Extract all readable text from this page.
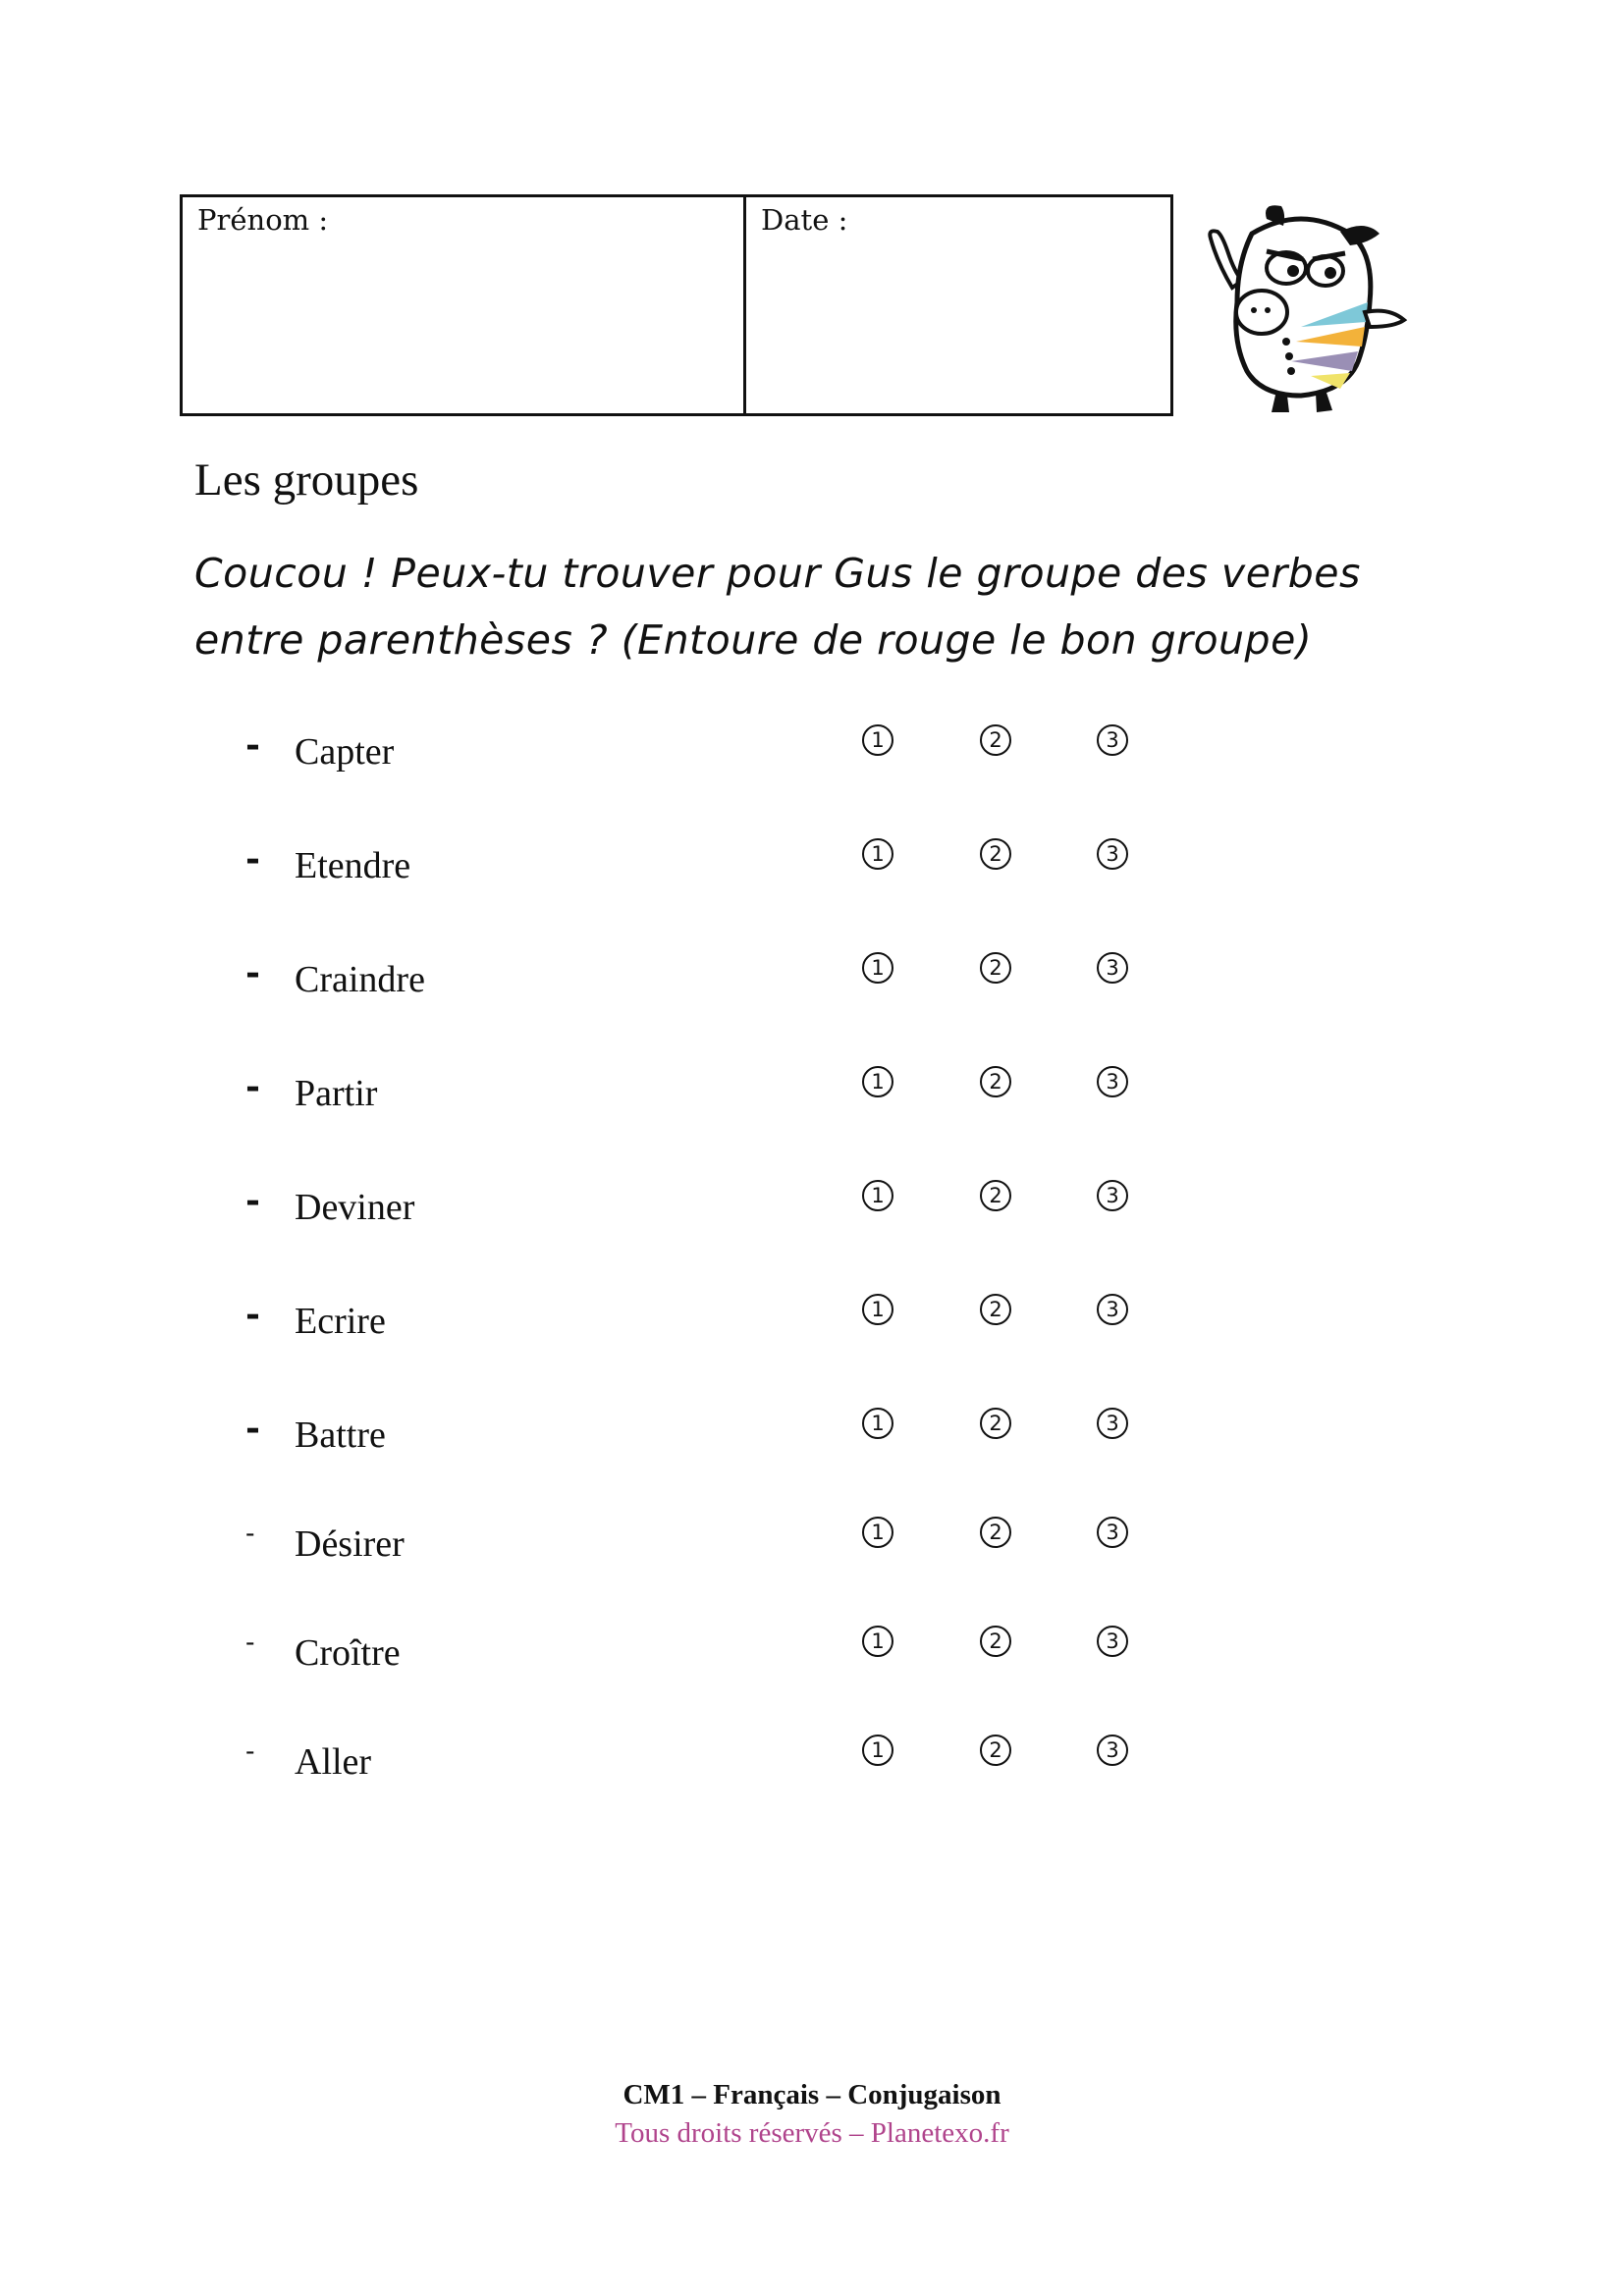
Prénom :	Date :
Les groupes
Coucou ! Peux-tu trouver pour Gus le groupe des verbes
entre parenthèses ? (Entoure de rouge le bon groupe)
- Capter	1	2	3
- Etendre	1	2	3
- Craindre	1	2	3
- Partir	1	2	3
- Deviner	1	2	3
- Ecrire	1	2	3
- Battre	1	2	3
- Désirer	1	2	3
- Croître	1	2	3
- Aller	1	2	3
CM1 – Français – Conjugaison
Tous droits réservés – Planetexo.fr
